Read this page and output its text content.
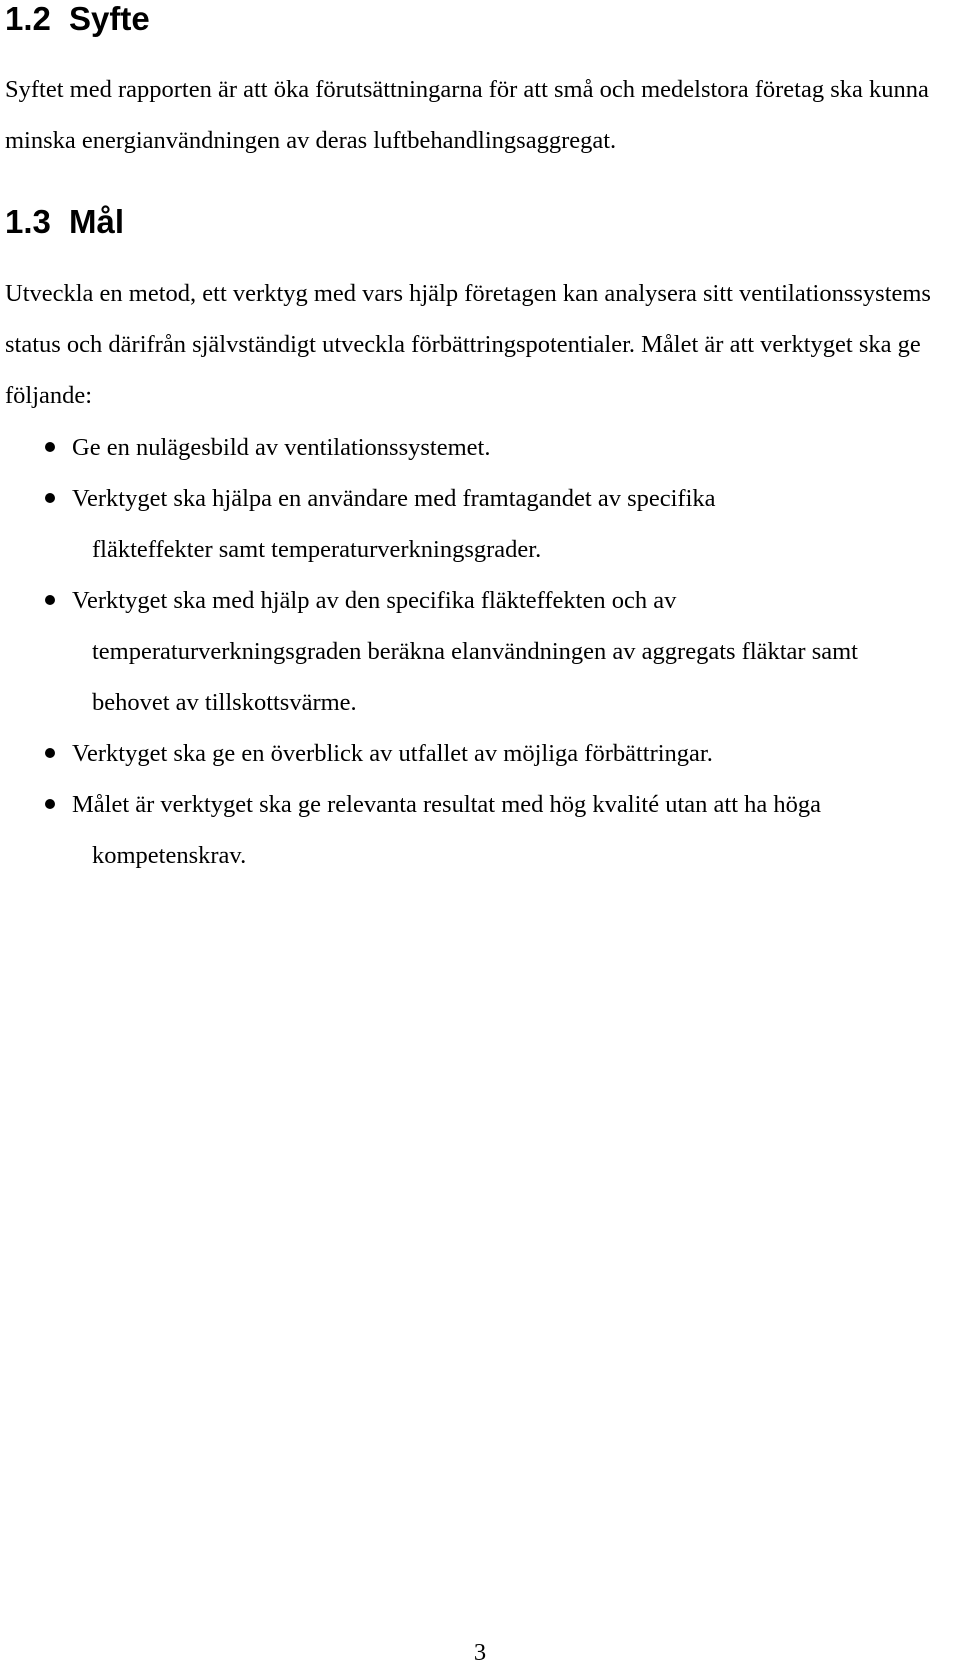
1.2 Syfte

Syftet med rapporten är att öka förutsättningarna för att små och medelstora företag ska kunna minska energianvändningen av deras luftbehandlingsaggregat.

1.3 Mål

Utveckla en metod, ett verktyg med vars hjälp företagen kan analysera sitt ventilationssystems status och därifrån självständigt utveckla förbättringspotentialer. Målet är att verktyget ska ge följande:

Ge en nulägesbild av ventilationssystemet.
Verktyget ska hjälpa en användare med framtagandet av specifika
fläkteffekter samt temperaturverkningsgrader.
Verktyget ska med hjälp av den specifika fläkteffekten och av
temperaturverkningsgraden beräkna elanvändningen av aggregats fläktar samt behovet av tillskottsvärme.
Verktyget ska ge en överblick av utfallet av möjliga förbättringar.
Målet är verktyget ska ge relevanta resultat med hög kvalité utan att ha höga
kompetenskrav.
3
